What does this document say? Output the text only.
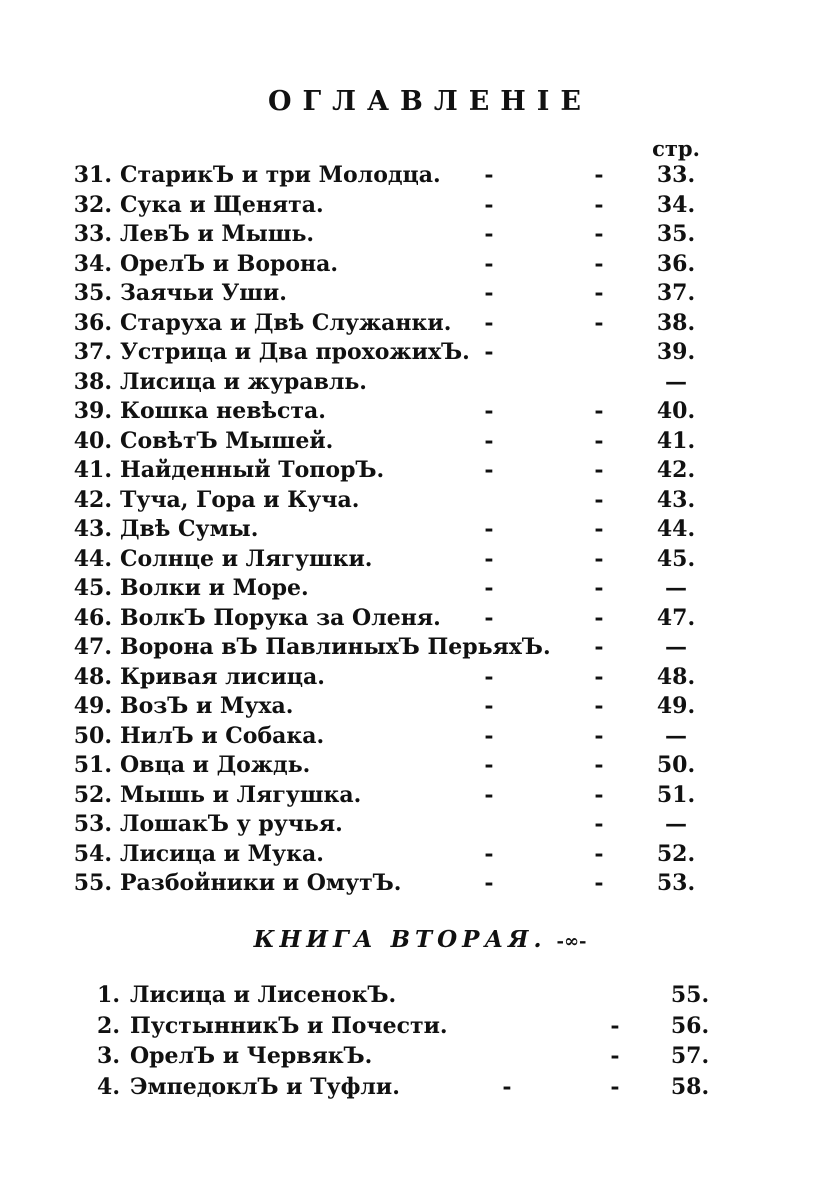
ОГЛАВЛЕНІЕ
стр.
31. СтарикЪ и три Молодца. -	-	33.
32. Сука и Щенята.	-	-	34.
33. ЛевЪ и Мышь.	-	-	35.
34. ОрелЪ и Ворона.	-	-	36.
35. Заячьи Уши.	-	-	37.
36. Старуха и Двѣ Служанки. -	-	38.
37. Устрица и Два прохожихЪ. -	39.
38. Лисица и журавль.	—
39. Кошка невѣста.	-	-	40.
40. СовѣтЪ Мышей.	-	-	41.
41. Найденный ТопорЪ.	-	-	42.
42. Туча, Гора и Куча.	-	43.
43. Двѣ Сумы.	-	-	44.
44. Солнце и Лягушки.	-	-	45.
45. Волки и Море.	-	-	—
46. ВолкЪ Порука за Оленя. -	-	47.
47. Ворона вЪ ПавлиныхЪ ПерьяхЪ. -	—
48. Кривая лисица.	-	-	48.
49. ВозЪ и Муха.	-	-	49.
50. НилЪ и Собака.	-	-	—
51. Овца и Дождь.	-	-	50.
52. Мышь и Лягушка.	-	-	51.
53. ЛошакЪ у ручья.	-	—
54. Лисица и Мука.	-	-	52.
55. Разбойники и ОмутЪ.	-	-	53.
КНИГА ВТОРАЯ. -∞-
1. Лисица и ЛисенокЪ.	55.
2. ПустынникЪ и Почести.	-	56.
3. ОрелЪ и ЧервякЪ.	-	57.
4. ЭмпедоклЪ и Туфли.	-	-	58.
